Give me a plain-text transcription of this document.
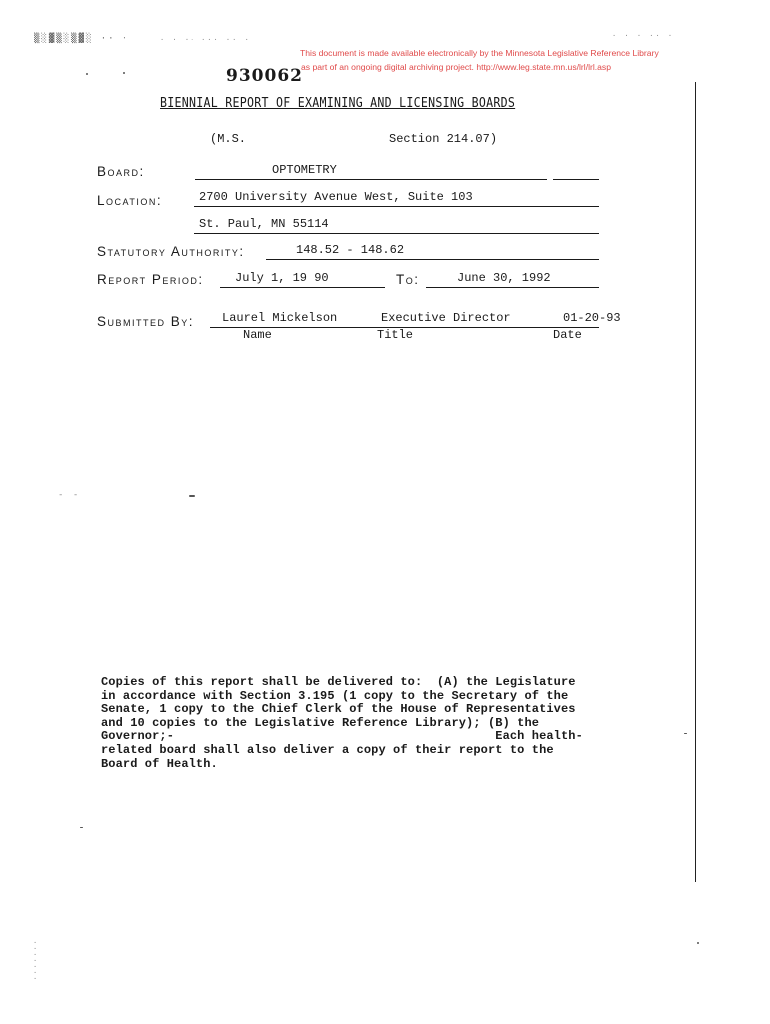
▒░▓▒░▒▓░ ·· ‧	· · ·ᐧ ··· ·· ·	· · · ·· ·
- -
· · · · · · ·
This document is made available electronically by the Minnesota Legislative Reference Library
as part of an ongoing digital archiving project. http://www.leg.state.mn.us/lrl/lrl.asp
930062
BIENNIAL REPORT OF EXAMINING AND LICENSING BOARDS
(M.S.	Section 214.07)
Board:	OPTOMETRY
Location:	2700 University Avenue West, Suite 103
St. Paul, MN 55114
Statutory Authority:	148.52 - 148.62
Report Period:	July 1, 19 90	To:	June 30, 1992
Submitted By: Laurel Mickelson	Executive Director	01-20-93
Name	Title	Date
Copies of this report shall be delivered to:  (A) the Legislature
in accordance with Section 3.195 (1 copy to the Secretary of the
Senate, 1 copy to the Chief Clerk of the House of Representatives
and 10 copies to the Legislative Reference Library); (B) the
Governor;-                                            Each health-
related board shall also deliver a copy of their report to the
Board of Health.
